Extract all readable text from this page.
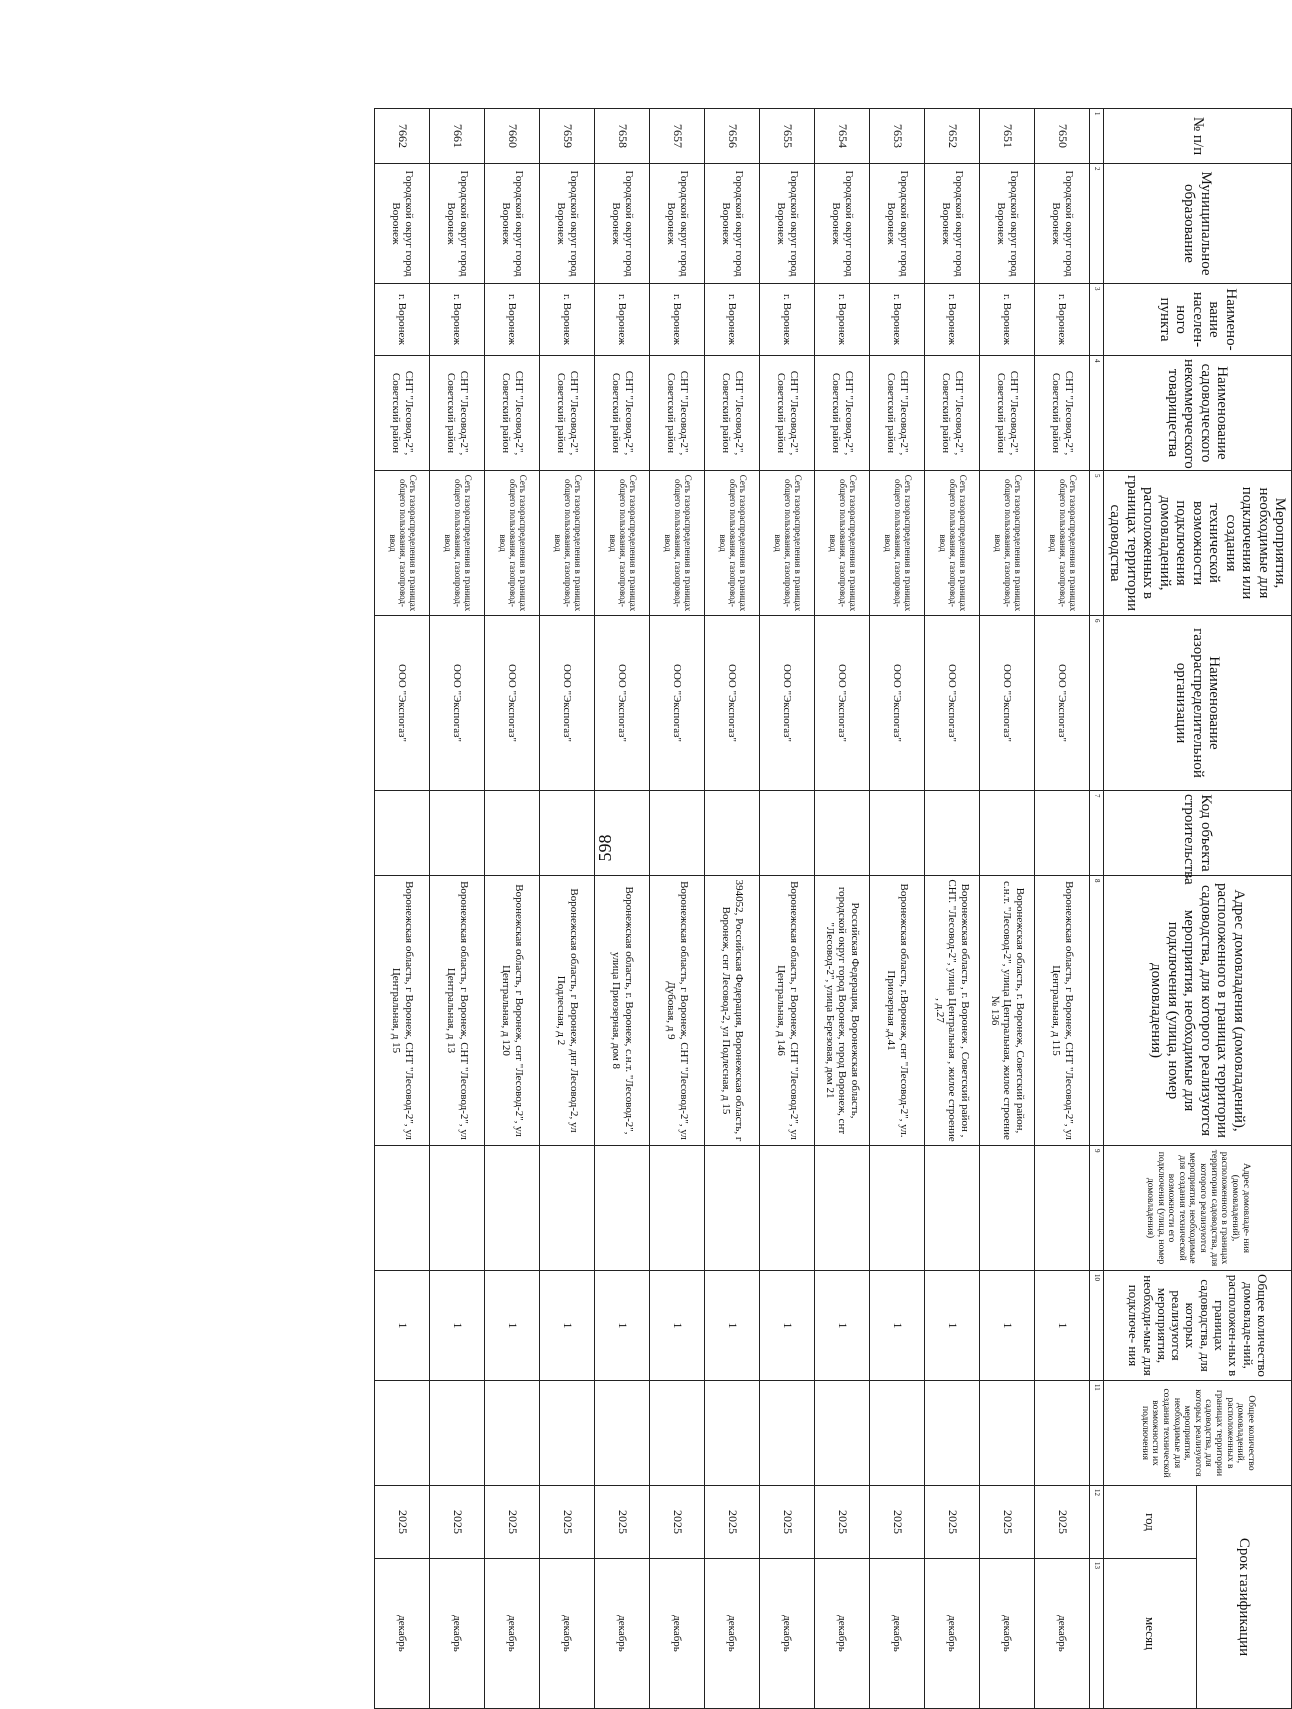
598
№ п/п	Муниципальное образование	Наимено- вание населен- ного пункта	Наименование садоводческого некоммерческого товарищества	Мероприятия, необходимые для подключения или создания технической возможности подключения домовладений, расположенных в границах территории садоводства	Наименование газораспределительной организации	Код объекта строительства	Адрес домовладения (домовладений), расположенного в границах территории садоводства, для которого реализуются мероприятия, необходимые для подключения (улица, номер домовладения)	Адрес домовладе- ния (домовладений), расположенного в границах территории садоводства, для которого реализуются мероприятия, необходимые для создания технической возможности его подключения (улица, номер домовладения)	Общее количество домовладе-ний, расположен-ных в границах садоводства, для которых реализуются мероприятия, необходи-мые для подключе- ния	Общее количество домовладений, расположенных в границах территории садоводства, для которых реализуются мероприятия, необходимые для создания технической возможности их подключения	Срок газификации	
											год	месяц
1	2	3	4	5	6	7	8	9	10	11	12	13
7650	Городской округ город Воронеж	г. Воронеж	СНТ "Лесовод-2", Советский район	Сеть газораспределения в границах общего пользования, газопровод-ввод	ООО "Экспогаз"		Воронежская область, г Воронеж, СНТ "Лесовод-2", ул Центральная, д 115		1		2025	декабрь
7651	Городской округ город Воронеж	г. Воронеж	СНТ "Лесовод-2", Советский район	Сеть газораспределения в границах общего пользования, газопровод-ввод	ООО "Экспогаз"		Воронежская область, г. Воронеж, Советский район, с.н.т. "Лесовод-2", улица Центральная, жилое строение № 136		1		2025	декабрь
7652	Городской округ город Воронеж	г. Воронеж	СНТ "Лесовод-2", Советский район	Сеть газораспределения в границах общего пользования, газопровод-ввод	ООО "Экспогаз"		Воронежская область , г. Воронеж , Советский район , СНТ. "Лесовод-2", улица Центральная , жилое строение , д.27		1		2025	декабрь
7653	Городской округ город Воронеж	г. Воронеж	СНТ "Лесовод-2", Советский район	Сеть газораспределения в границах общего пользования, газопровод-ввод	ООО "Экспогаз"		Воронежская область, г.Воронеж, снт "Лесовод-2", ул. Приозерная ,д.41		1		2025	декабрь
7654	Городской округ город Воронеж	г. Воронеж	СНТ "Лесовод-2", Советский район	Сеть газораспределения в границах общего пользования, газопровод-ввод	ООО "Экспогаз"		Российская Федерация, Воронежская область, городской округ город Воронеж, город Воронеж, снт "Лесовод-2", улица Березовая, дом 21		1		2025	декабрь
7655	Городской округ город Воронеж	г. Воронеж	СНТ "Лесовод-2", Советский район	Сеть газораспределения в границах общего пользования, газопровод-ввод	ООО "Экспогаз"		Воронежская область, г Воронеж, СНТ "Лесовод-2", ул Центральная, д 146		1		2025	декабрь
7656	Городской округ город Воронеж	г. Воронеж	СНТ "Лесовод-2", Советский район	Сеть газораспределения в границах общего пользования, газопровод-ввод	ООО "Экспогаз"		394052, Российская Федерация, Воронежская область, г Воронеж, снт Лесовод-2, ул Подлесная, д 15		1		2025	декабрь
7657	Городской округ город Воронеж	г. Воронеж	СНТ "Лесовод-2", Советский район	Сеть газораспределения в границах общего пользования, газопровод-ввод	ООО "Экспогаз"		Воронежская область, г Воронеж, СНТ "Лесовод-2", ул Дубовая, д 9		1		2025	декабрь
7658	Городской округ город Воронеж	г. Воронеж	СНТ "Лесовод-2", Советский район	Сеть газораспределения в границах общего пользования, газопровод-ввод	ООО "Экспогаз"		Воронежская область, г. Воронеж, с.н.т. "Лесовод-2", улица Приозерная, дом 8		1		2025	декабрь
7659	Городской округ город Воронеж	г. Воронеж	СНТ "Лесовод-2", Советский район	Сеть газораспределения в границах общего пользования, газопровод-ввод	ООО "Экспогаз"		Воронежская область, г Воронеж, днт Лесовод-2, ул Подлесная, д 2		1		2025	декабрь
7660	Городской округ город Воронеж	г. Воронеж	СНТ "Лесовод-2", Советский район	Сеть газораспределения в границах общего пользования, газопровод-ввод	ООО "Экспогаз"		Воронежская область, г Воронеж, снт "Лесовод-2", ул Центральная, д 120		1		2025	декабрь
7661	Городской округ город Воронеж	г. Воронеж	СНТ "Лесовод-2", Советский район	Сеть газораспределения в границах общего пользования, газопровод-ввод	ООО "Экспогаз"		Воронежская область, г Воронеж, СНТ "Лесовод-2", ул Центральная, д 13		1		2025	декабрь
7662	Городской округ город Воронеж	г. Воронеж	СНТ "Лесовод-2", Советский район	Сеть газораспределения в границах общего пользования, газопровод-ввод	ООО "Экспогаз"		Воронежская область, г Воронеж, СНТ "Лесовод-2", ул Центральная, д 15		1		2025	декабрь
